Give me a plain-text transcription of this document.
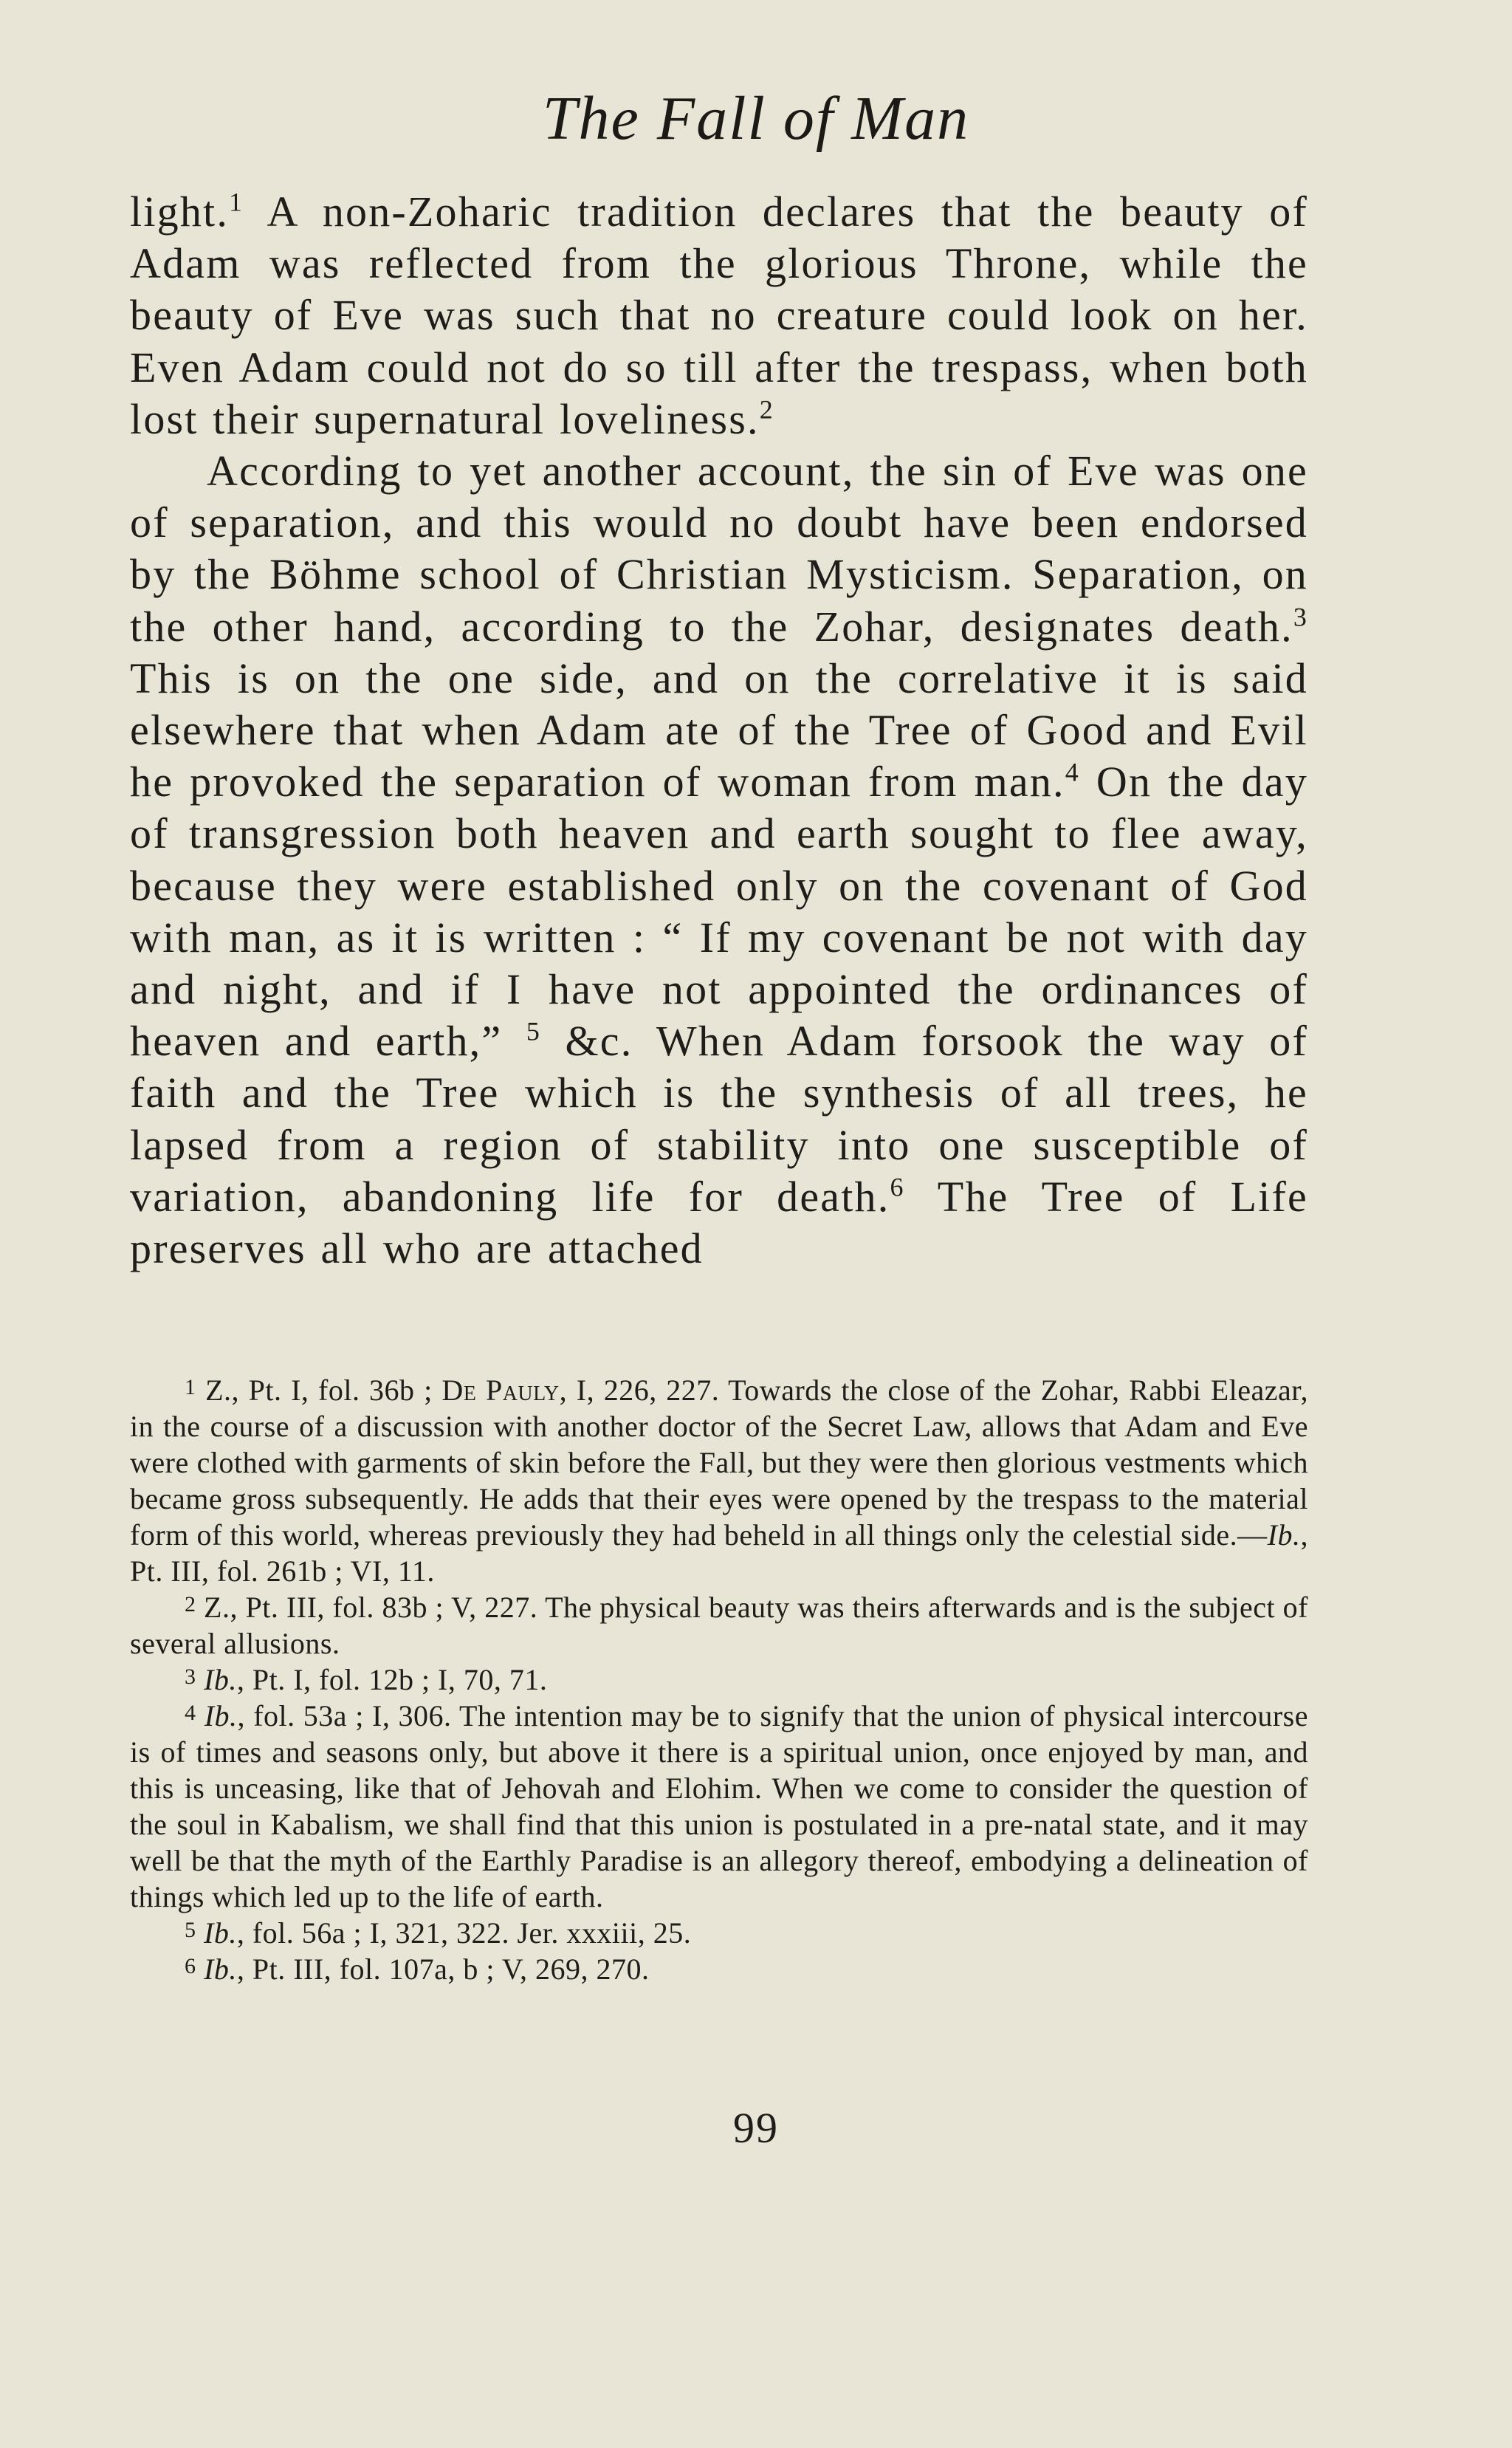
The Fall of Man

light.$^1$ A non-Zoharic tradition declares that the beauty of Adam was reflected from the glorious Throne, while the beauty of Eve was such that no creature could look on her. Even Adam could not do so till after the trespass, when both lost their supernatural loveliness.$^2$

According to yet another account, the sin of Eve was one of separation, and this would no doubt have been endorsed by the Böhme school of Christian Mysticism. Separation, on the other hand, according to the Zohar, designates death.$^3$ This is on the one side, and on the correlative it is said elsewhere that when Adam ate of the Tree of Good and Evil he provoked the separation of woman from man.$^4$ On the day of transgression both heaven and earth sought to flee away, because they were established only on the covenant of God with man, as it is written : “ If my covenant be not with day and night, and if I have not appointed the ordinances of heaven and earth,” $^5$ &c. When Adam forsook the way of faith and the Tree which is the synthesis of all trees, he lapsed from a region of stability into one susceptible of variation, abandoning life for death.$^6$ The Tree of Life preserves all who are attached

$^1$ Z., Pt. I, fol. 36b ; De Pauly, I, 226, 227. Towards the close of the Zohar, Rabbi Eleazar, in the course of a discussion with another doctor of the Secret Law, allows that Adam and Eve were clothed with garments of skin before the Fall, but they were then glorious vestments which became gross subsequently. He adds that their eyes were opened by the trespass to the material form of this world, whereas previously they had beheld in all things only the celestial side.—Ib., Pt. III, fol. 261b ; VI, 11.

$^2$ Z., Pt. III, fol. 83b ; V, 227. The physical beauty was theirs afterwards and is the subject of several allusions.

$^3$ Ib., Pt. I, fol. 12b ; I, 70, 71.

$^4$ Ib., fol. 53a ; I, 306. The intention may be to signify that the union of physical intercourse is of times and seasons only, but above it there is a spiritual union, once enjoyed by man, and this is unceasing, like that of Jehovah and Elohim. When we come to consider the question of the soul in Kabalism, we shall find that this union is postulated in a pre-natal state, and it may well be that the myth of the Earthly Paradise is an allegory thereof, embodying a delineation of things which led up to the life of earth.

$^5$ Ib., fol. 56a ; I, 321, 322. Jer. xxxiii, 25.

$^6$ Ib., Pt. III, fol. 107a, b ; V, 269, 270.

99
